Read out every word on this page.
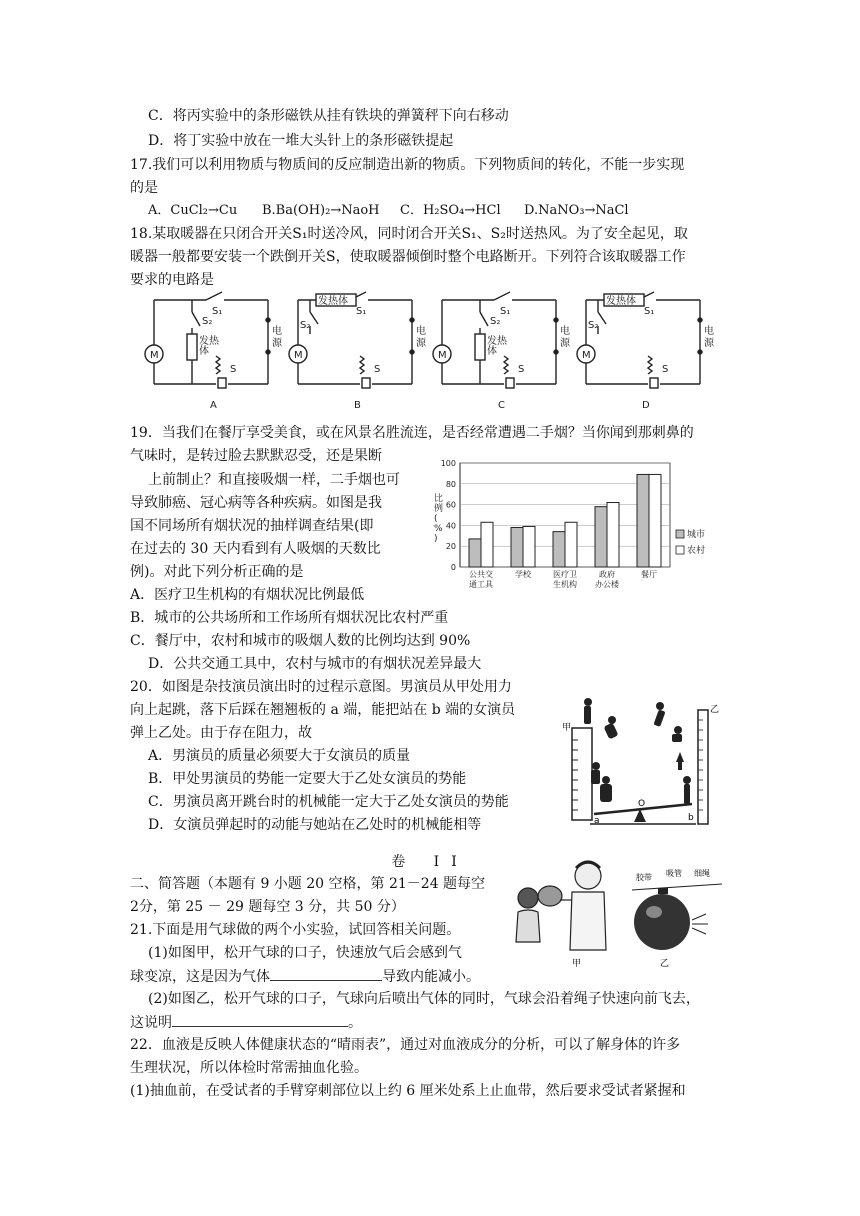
C．将丙实验中的条形磁铁从挂有铁块的弹簧秤下向右移动
D．将丁实验中放在一堆大头针上的条形磁铁提起
17.我们可以利用物质与物质间的反应制造出新的物质。下列物质间的转化，不能一步实现
的是
A．CuCl₂→Cu B.Ba(OH)₂→NaoH C．H₂SO₄→HCl D.NaNO₃→NaCl
18.某取暖器在只闭合开关S₁时送冷风，同时闭合开关S₁、S₂时送热风。为了安全起见，取
暖器一般都要安装一个跌倒开关S，使取暖器倾倒时整个电路断开。下列符合该取暖器工作
要求的电路是
S₁
电
源
M
S
S₂
发热
体
A
S₁
电
源
M
S
发热体
S₂
B
S₁
电
源
M
S
S₂
发热
体
C
S₁
电
源
M
S
发热体
S₂
D
19．当我们在餐厅享受美食，或在风景名胜流连，是否经常遭遇二手烟？当你闻到那刺鼻的
气味时，是转过脸去默默忍受，还是果断
上前制止？和直接吸烟一样，二手烟也可
导致肺癌、冠心病等各种疾病。如图是我
国不同场所有烟状况的抽样调查结果(即
在过去的 30 天内看到有人吸烟的天数比
例)。对此下列分析正确的是
A．医疗卫生机构的有烟状况比例最低
B．城市的公共场所和工作场所有烟状况比农村严重
C．餐厅中，农村和城市的吸烟人数的比例均达到 90%
D．公共交通工具中，农村与城市的有烟状况差异最大
0
20
40
60
80
100
比例( % )
公共交
通工具
学校	医疗卫
生机构
政府
办公楼
餐厅
城市
农村
20．如图是杂技演员演出时的过程示意图。男演员从甲处用力
向上起跳，落下后踩在翘翘板的 a 端，能把站在 b 端的女演员
弹上乙处。由于存在阻力，故
A．男演员的质量必须要大于女演员的质量
B．甲处男演员的势能一定要大于乙处女演员的势能
C．男演员离开跳台时的机械能一定大于乙处女演员的势能
D．女演员弹起时的动能与她站在乙处时的机械能相等
甲
乙
a	b
O
卷 II
二、简答题（本题有 9 小题 20 空格，第 21－24 题每空
2分，第 25 － 29 题每空 3 分，共 50 分）
21.下面是用气球做的两个小实验，试回答相关问题。
(1)如图甲，松开气球的口子，快速放气后会感到气
球变凉，这是因为气体	导致内能减小。
(2)如图乙，松开气球的口子，气球向后喷出气体的同时，气球会沿着绳子快速向前飞去，
这说明	。
甲
胶带 吸管 细绳
乙
22．血液是反映人体健康状态的“晴雨表”，通过对血液成分的分析，可以了解身体的许多
生理状况，所以体检时常需抽血化验。
(1)抽血前，在受试者的手臂穿刺部位以上约 6 厘米处系上止血带，然后要求受试者紧握和
